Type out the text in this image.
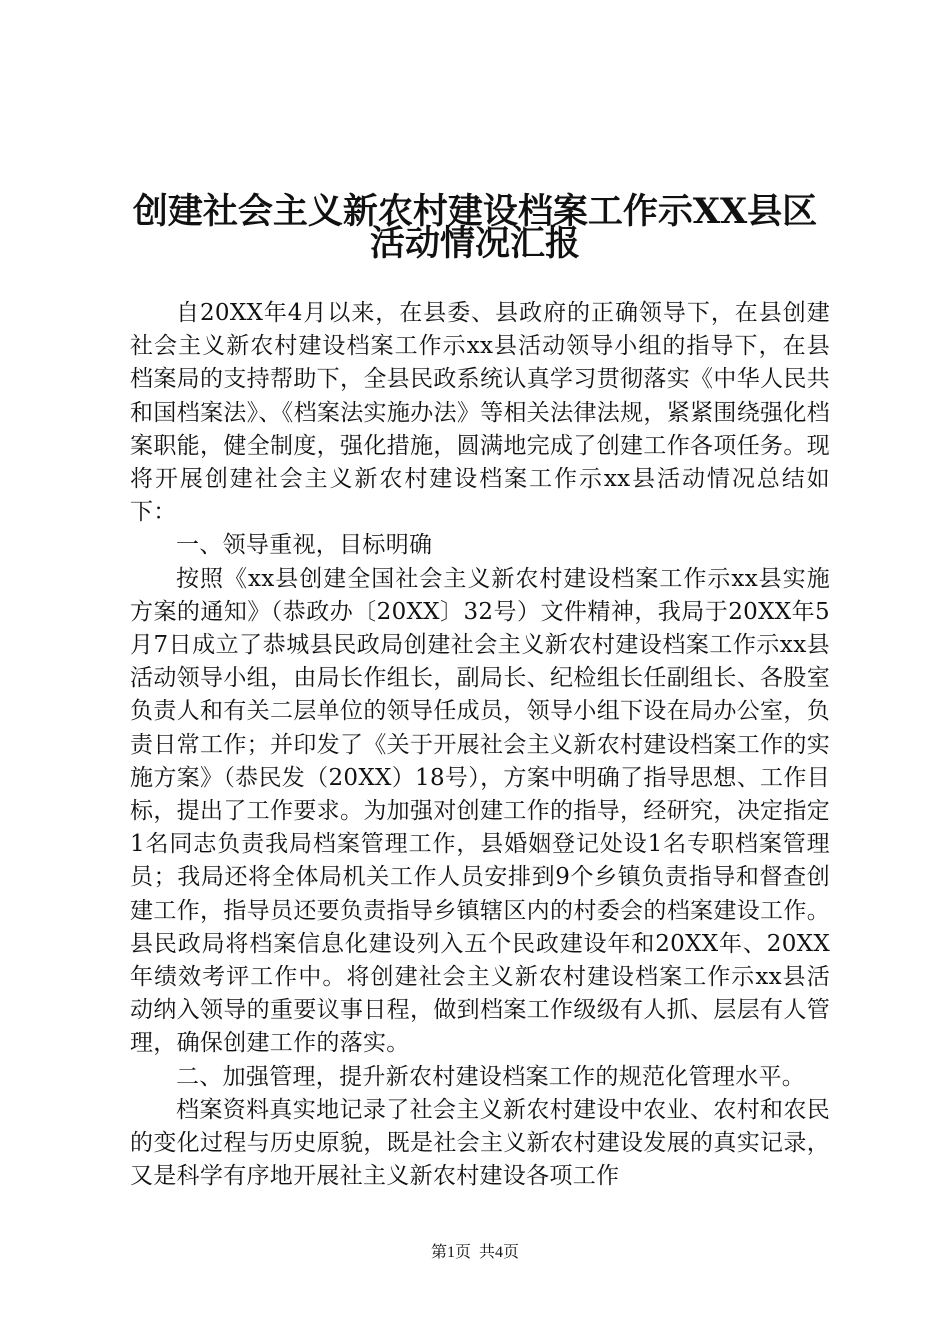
创建社会主义新农村建设档案工作示XX县区
活动情况汇报

自20XX年4月以来，在县委、县政府的正确领导下，在县创建社会主义新农村建设档案工作示xx县活动领导小组的指导下，在县档案局的支持帮助下，全县民政系统认真学习贯彻落实《中华人民共和国档案法》、《档案法实施办法》等相关法律法规，紧紧围绕强化档案职能，健全制度，强化措施，圆满地完成了创建工作各项任务。现将开展创建社会主义新农村建设档案工作示xx县活动情况总结如下：

一、领导重视，目标明确

按照《xx县创建全国社会主义新农村建设档案工作示xx县实施方案的通知》（恭政办〔20XX〕32号）文件精神，我局于20XX年5月7日成立了恭城县民政局创建社会主义新农村建设档案工作示xx县活动领导小组，由局长作组长，副局长、纪检组长任副组长、各股室负责人和有关二层单位的领导任成员，领导小组下设在局办公室，负责日常工作；并印发了《关于开展社会主义新农村建设档案工作的实施方案》（恭民发（20XX）18号），方案中明确了指导思想、工作目标，提出了工作要求。为加强对创建工作的指导，经研究，决定指定1名同志负责我局档案管理工作，县婚姻登记处设1名专职档案管理员；我局还将全体局机关工作人员安排到9个乡镇负责指导和督查创建工作，指导员还要负责指导乡镇辖区内的村委会的档案建设工作。县民政局将档案信息化建设列入五个民政建设年和20XX年、20XX年绩效考评工作中。将创建社会主义新农村建设档案工作示xx县活动纳入领导的重要议事日程，做到档案工作级级有人抓、层层有人管理，确保创建工作的落实。

二、加强管理，提升新农村建设档案工作的规范化管理水平。

档案资料真实地记录了社会主义新农村建设中农业、农村和农民的变化过程与历史原貌，既是社会主义新农村建设发展的真实记录，又是科学有序地开展社主义新农村建设各项工作

第1页 共4页
